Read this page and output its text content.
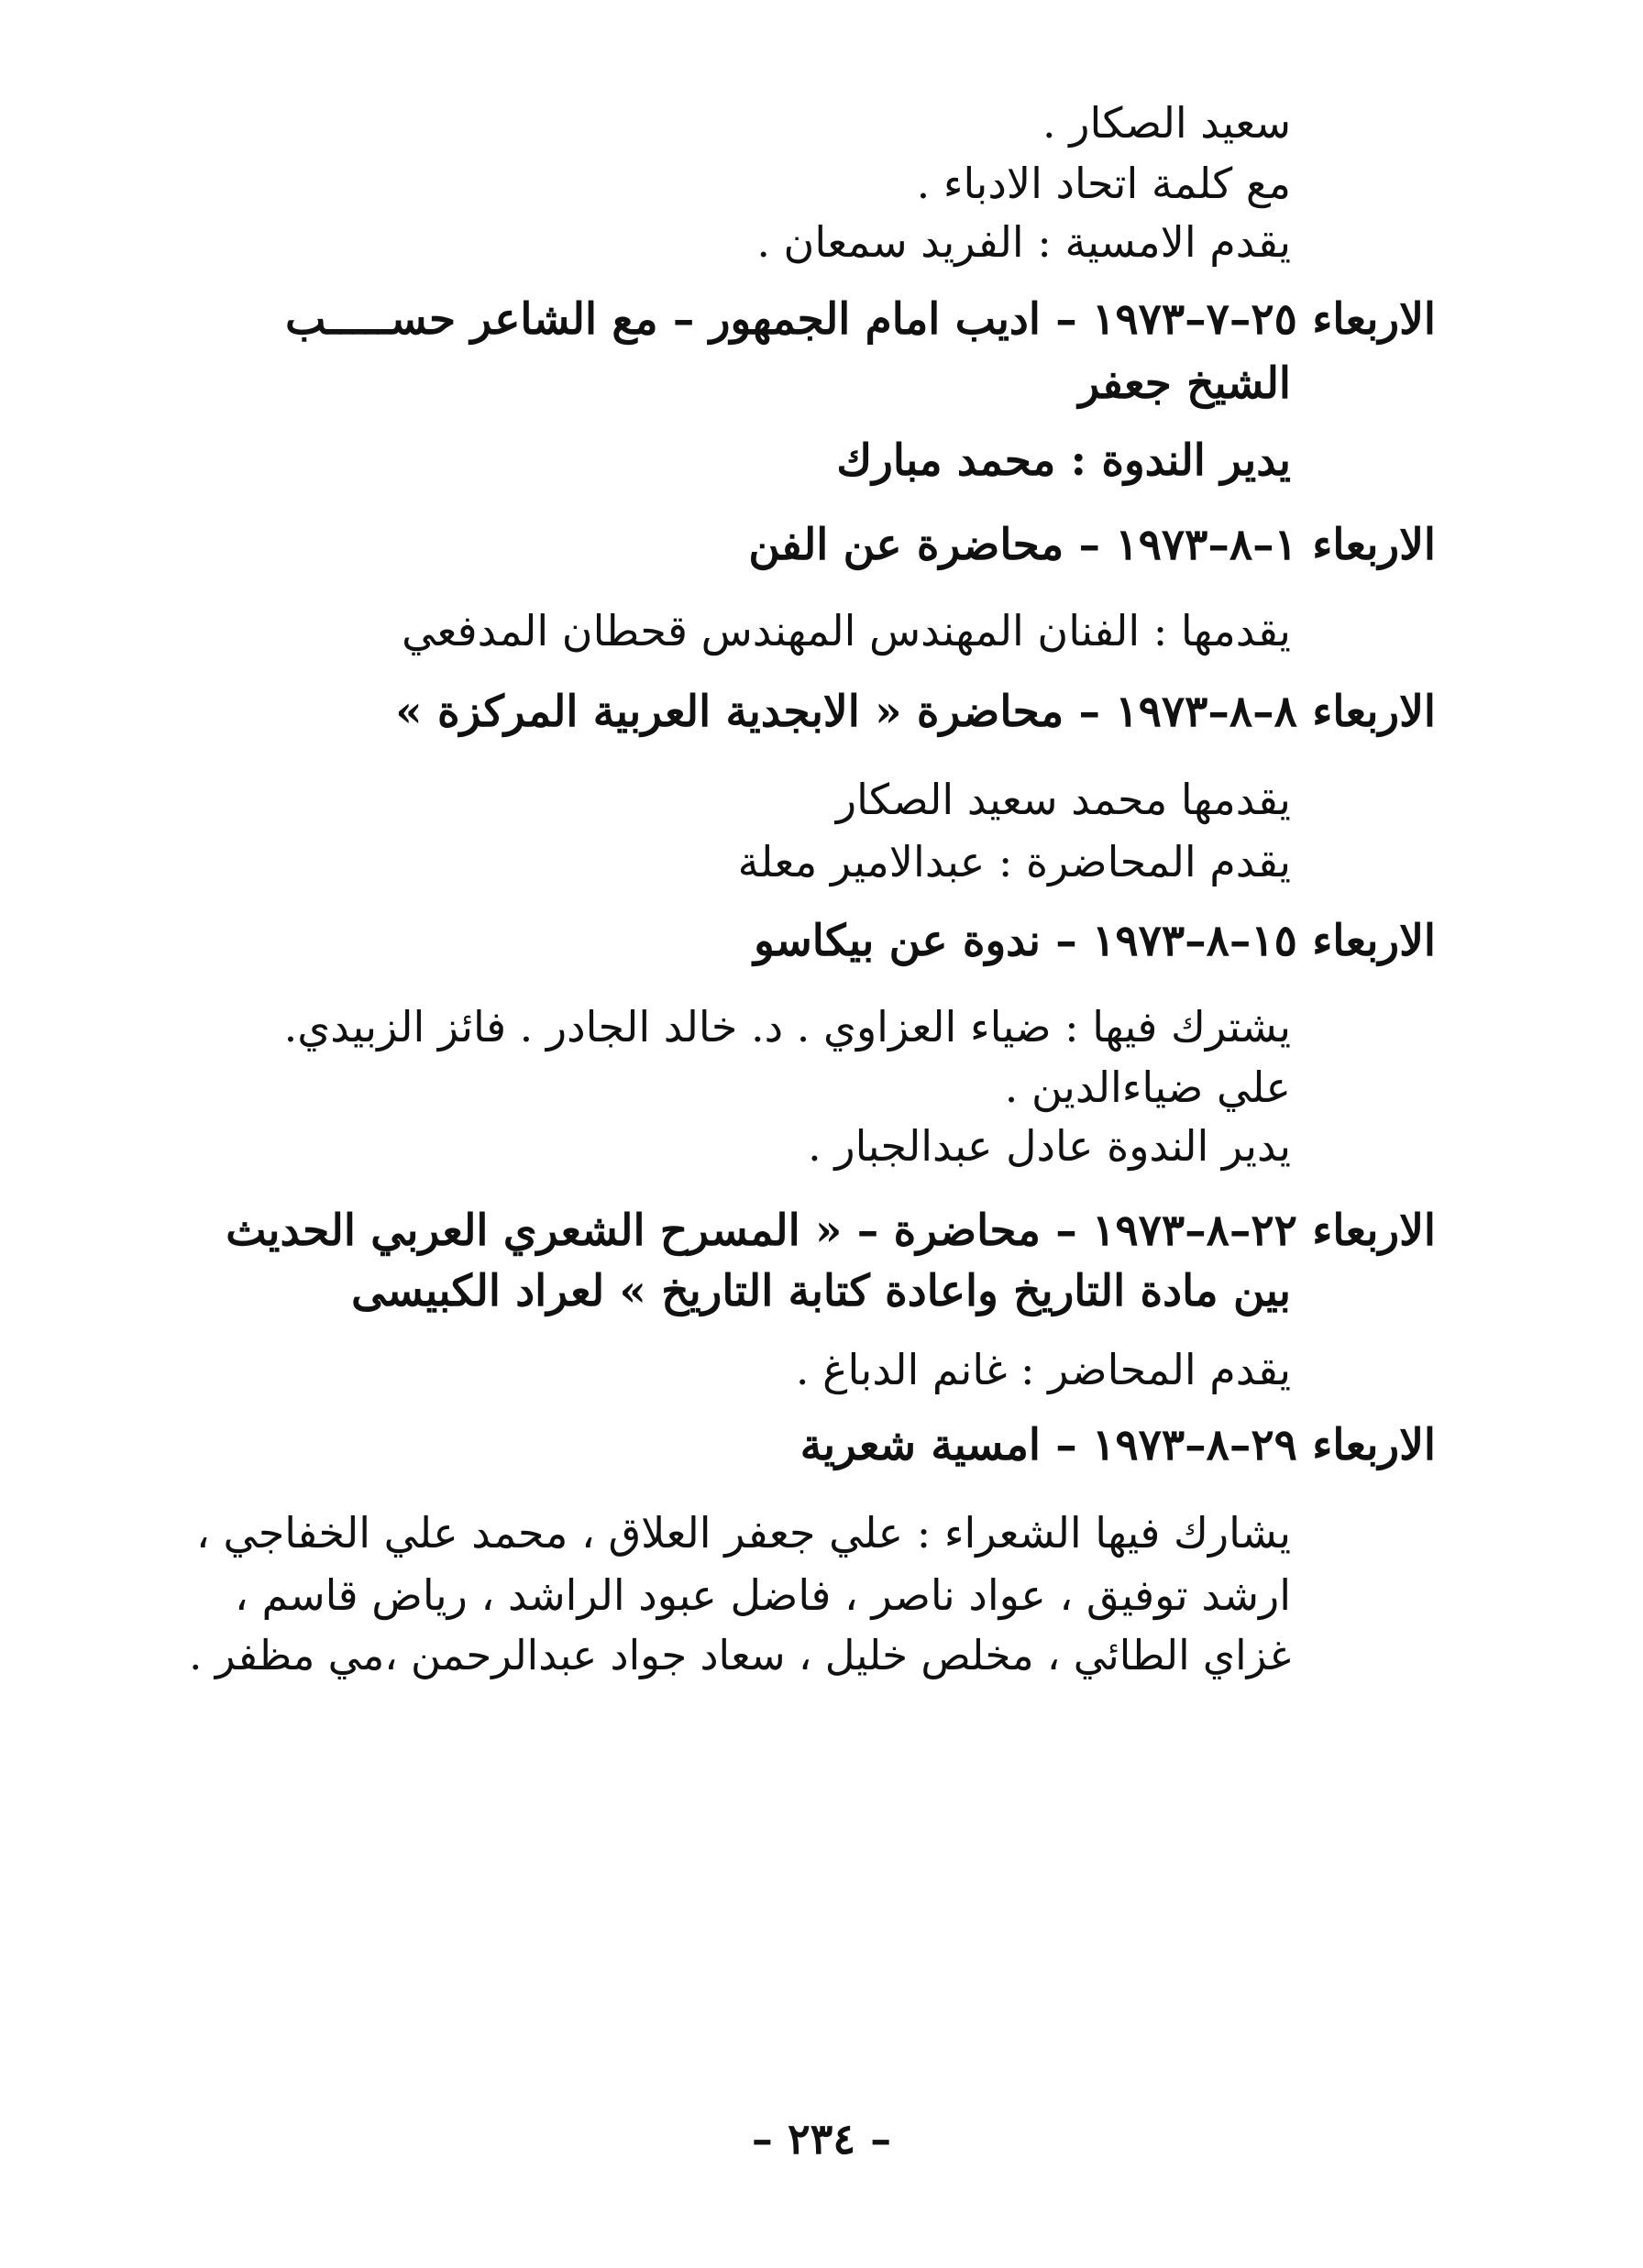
سعيد الصكار .
مع كلمة اتحاد الادباء .
يقدم الامسية : الفريد سمعان .
الاربعاء ٢٥–٧–١٩٧٣ – اديب امام الجمهور – مع الشاعر حســـــب
الشيخ جعفر
يدير الندوة : محمد مبارك
الاربعاء ١–٨–١٩٧٣ – محاضرة عن الفن
يقدمها : الفنان المهندس المهندس قحطان المدفعي
الاربعاء ٨–٨–١٩٧٣ – محاضرة « الابجدية العربية المركزة »
يقدمها محمد سعيد الصكار
يقدم المحاضرة : عبدالامير معلة
الاربعاء ١٥–٨–١٩٧٣ – ندوة عن بيكاسو
يشترك فيها : ضياء العزاوي . د. خالد الجادر . فائز الزبيدي.
علي ضياءالدين .
يدير الندوة عادل عبدالجبار .
الاربعاء ٢٢–٨–١٩٧٣ – محاضرة – « المسرح الشعري العربي الحديث
بين مادة التاريخ واعادة كتابة التاريخ » لعراد الكبيسى
يقدم المحاضر : غانم الدباغ .
الاربعاء ٢٩–٨–١٩٧٣ – امسية شعرية
يشارك فيها الشعراء : علي جعفر العلاق ، محمد علي الخفاجي ،
ارشد توفيق ، عواد ناصر ، فاضل عبود الراشد ، رياض قاسم ،
غزاي الطائي ، مخلص خليل ، سعاد جواد عبدالرحمن ،مي مظفر .
– ٢٣٤ –
